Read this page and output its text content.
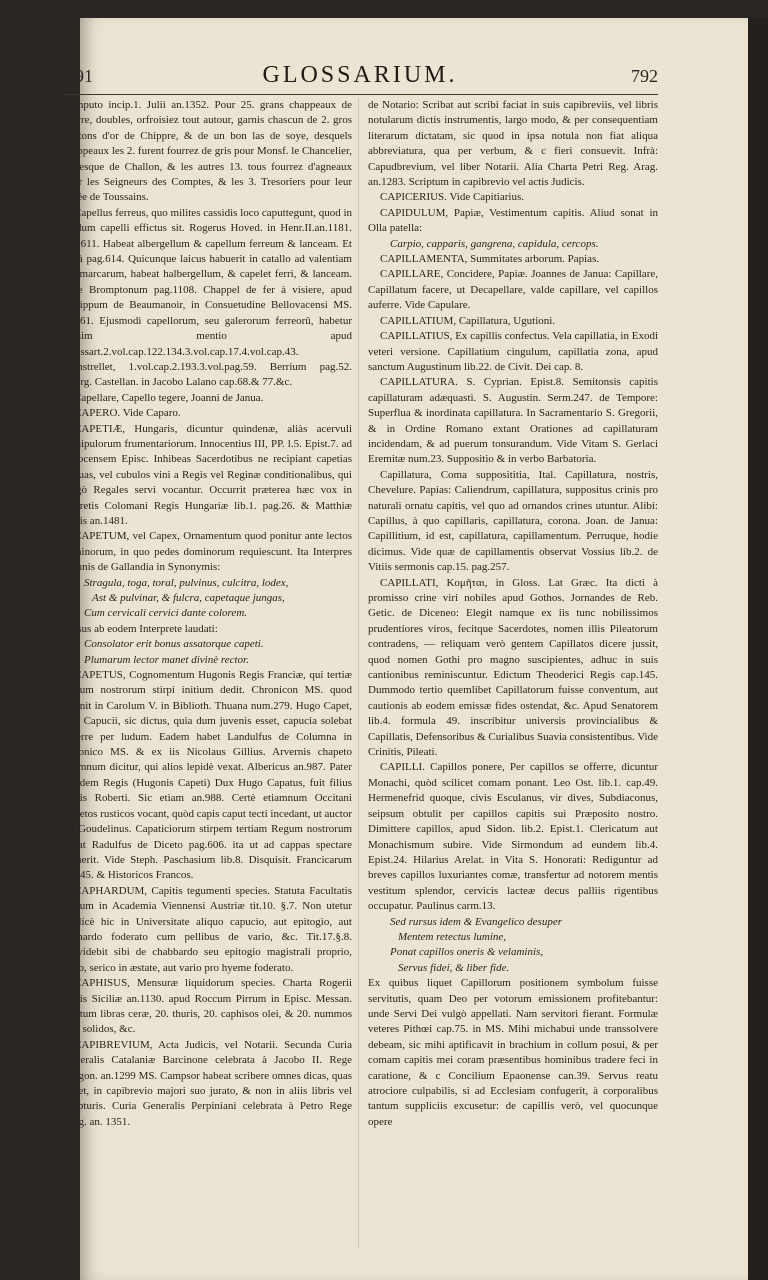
791	GLOSSARIUM.	792

Computo incip.1. Julii an.1352. Pour 25. grans chappeaux de bievre, doubles, orfroisiez tout autour, garnis chascun de 2. gros boutons d'or de Chippre, & de un bon las de soye, desquels chappeaux les 2. furent fourrez de gris pour Monsf. le Chancelier, l'Evesque de Challon, & les autres 13. tous fourrez d'agneaux pour les Seigneurs des Comptes, & les 3. Tresoriers pour leur livrée de Toussains.

Capellus ferreus, quo milites cassidis loco caputtegunt, quod in modum capelli effictus sit. Rogerus Hoved. in Henr.II.an.1181. pag.611. Habeat albergellum & capellum ferreum & lanceam. Et infrà pag.614. Quicunque laicus habuerit in catallo ad valentiam 10. marcarum, habeat halbergellum, & capelet ferri, & lanceam. Vide Bromptonum pag.1108. Chappel de fer à visiere, apud Philippum de Beaumanoir, in Consuetudine Bellovacensi MS. cap.61. Ejusmodi capellorum, seu galerorum ferreorū, habetur passim mentio apud Froissart.2.vol.cap.122.134.3.vol.cap.17.4.vol.cap.43. Monstrellet, 1.vol.cap.2.193.3.vol.pag.59. Berrium pag.52. Georg. Castellan. in Jacobo Lalano cap.68.& 77.&c.

Capellare, Capello tegere, Joanni de Janua.

CAPERO. Vide Caparo.

CAPETIÆ, Hungaris, dicuntur quindenæ, aliàs acervuli manipulorum frumentariorum. Innocentius III, PP. l.5. Epist.7. ad Colocensem Episc. Inhibeas Sacerdotibus ne recipiant capetias aliquas, vel cubulos vini a Regis vel Reginæ conditionalibus, qui vulgò Regales servi vocantur. Occurrit præterea hæc vox in Decretis Colomani Regis Hungariæ lib.1. pag.26. & Matthiæ Regis an.1481.

CAPETUM, vel Capex, Ornamentum quod ponitur ante lectos dominorum, in quo pedes dominorum requiescunt. Ita Interpres Joannis de Gallandia in Synonymis:

Stragula, toga, toral, pulvinus, culcitra, lodex,

Ast & pulvinar, & fulcra, capetaque jungas,

Cum cervicali cervici dante colorem.

Versus ab eodem Interprete laudati:

Consolator erit bonus assatorque capeti.

Plumarum lector manet divinè rector.

CAPETUS, Cognomentum Hugonis Regis Franciæ, qui tertiæ Regum nostrorum stirpi initium dedit. Chronicon MS. quod desinit in Carolum V. in Biblioth. Thuana num.279. Hugo Capet, sive Capucii, sic dictus, quia dum juvenis esset, capucia solebat auferre per ludum. Eadem habet Landulfus de Columna in Chronico MS. & ex iis Nicolaus Gillius. Arvernis chapeto etiamnum dicitur, qui alios lepidè vexat. Albericus an.987. Pater ejusdem Regis (Hugonis Capeti) Dux Hugo Capatus, fuit filius Regis Roberti. Sic etiam an.988. Certè etiamnum Occitani Capetos rusticos vocant, quòd capis caput tecti incedant, ut auctor est Goudelinus. Capaticiorum stirpem tertiam Regum nostrorum vocat Radulfus de Diceto pag.606. ita ut ad cappas spectare voluerit. Vide Steph. Paschasium lib.8. Disquisit. Francicarum cap.45. & Historicos Francos.

CAPHARDUM, Capitis tegumenti species. Statuta Facultatis Artium in Academia Viennensi Austriæ tit.10. §.7. Non utetur publicè hic in Universitate aliquo capucio, aut epitogio, aut caphardo foderato cum pellibus de vario, &c. Tit.17.§.8. Providebit sibi de chabbardo seu epitogio magistrali proprio, novo, serico in æstate, aut vario pro hyeme foderato.

CAPHISUS, Mensuræ liquidorum species. Charta Rogerii Regis Siciliæ an.1130. apud Roccum Pirrum in Episc. Messan. Centum libras ceræ, 20. thuris, 20. caphisos olei, & 20. nummos sive solidos, &c.

CAPIBREVIUM, Acta Judicis, vel Notarii. Secunda Curia Generalis Catalaniæ Barcinone celebrata à Jacobo II. Rege Aragon. an.1299 MS. Campsor habeat scribere omnes dicas, quas faciet, in capibrevio majori suo jurato, & non in aliis libris vel scripturis. Curia Generalis Perpiniani celebrata à Petro Rege Arag. an. 1351.

de Notario: Scribat aut scribi faciat in suis capibreviis, vel libris notularum dictis instrumentis, largo modo, & per consequentiam literarum dictatam, sic quod in ipsa notula non fiat aliqua abbreviatura, qua per verbum, & c fieri consuevit. Infrà: Capudbrevium, vel liber Notarii. Alia Charta Petri Reg. Arag. an.1283. Scriptum in capibrevio vel actis Judicis.

CAPICERIUS. Vide Capitiarius.

CAPIDULUM, Papiæ, Vestimentum capitis. Aliud sonat in Olla patella:

Carpio, capparis, gangrena, capidula, cercops.

CAPILLAMENTA, Summitates arborum. Papias.

CAPILLARE, Concidere, Papiæ. Joannes de Janua: Capillare, Capillatum facere, ut Decapellare, valde capillare, vel capillos auferre. Vide Capulare.

CAPILLATIUM, Capillatura, Ugutioni.

CAPILLATIUS, Ex capillis confectus. Vela capillatia, in Exodi veteri versione. Capillatium cingulum, capillatia zona, apud sanctum Augustinum lib.22. de Civit. Dei cap. 8.

CAPILLATURA. S. Cyprian. Epist.8. Semitonsis capitis capillaturam adæquasti. S. Augustin. Serm.247. de Tempore: Superflua & inordinata capillatura. In Sacramentario S. Gregorii, & in Ordine Romano extant Orationes ad capillaturam incidendam, & ad puerum tonsurandum. Vide Vitam S. Gerlaci Eremitæ num.23. Suppositio & in verbo Barbatoria.

Capillatura, Coma supposititia, Ital. Capillatura, nostris, Chevelure. Papias: Caliendrum, capillatura, suppositus crinis pro naturali ornatu capitis, vel quo ad ornandos crines utuntur. Alibi: Capillus, à quo capillaris, capillatura, corona. Joan. de Janua: Capillitium, id est, capillatura, capillamentum. Perruque, hodie dicimus. Vide quæ de capillamentis observat Vossius lib.2. de Vitiis sermonis cap.15. pag.257.

CAPILLATI, Κομῆται, in Gloss. Lat Græc. Ita dicti à promisso crine viri nobiles apud Gothos. Jornandes de Reb. Getic. de Diceneo: Elegit namque ex iis tunc nobilissimos prudentiores viros, fecitque Sacerdotes, nomen illis Pileatorum contradens, — reliquam verò gentem Capillatos dicere jussit, quod nomen Gothi pro magno suscipientes, adhuc in suis cantionibus reminiscuntur. Edictum Theoderici Regis cap.145. Dummodo tertio quemlibet Capillatorum fuisse conventum, aut cautionis ab eodem emissæ fides ostendat, &c. Apud Senatorem lib.4. formula 49. inscribitur universis provincialibus & Capillatis, Defensoribus & Curialibus Suavia consistentibus. Vide Crinitis, Pileati.

CAPILLI. Capillos ponere, Per capillos se offerre, dicuntur Monachi, quòd scilicet comam ponant. Leo Ost. lib.1. cap.49. Hermenefrid quoque, civis Esculanus, vir dives, Subdiaconus, seipsum obtulit per capillos capitis sui Præposito nostro. Dimittere capillos, apud Sidon. lib.2. Epist.1. Clericatum aut Monachismum subire. Vide Sirmondum ad eundem lib.4. Epist.24. Hilarius Arelat. in Vita S. Honorati: Rediguntur ad breves capillos luxuriantes comæ, transfertur ad notorem mentis vestitum splendor, cervicis lacteæ decus palliis rigentibus occupatur. Paulinus carm.13.

Sed rursus idem & Evangelico desuper

Mentem retectus lumine,

Ponat capillos oneris & velaminis,

Servus fidei, & liber fide.

Ex quibus liquet Capillorum positionem symbolum fuisse servitutis, quam Deo per votorum emissionem profitebantur: unde Servi Dei vulgò appellati. Nam servitori fierant. Formulæ veteres Pithœi cap.75. in MS. Mihi michabui unde transsolvere debeam, sic mihi aptificavit in brachium in collum posui, & per comam capitis mei coram præsentibus hominibus tradere feci in caratione, & c Concilium Epaonense can.39. Servus reatu atrociore culpabilis, si ad Ecclesiam confugerit, à corporalibus tantum suppliciis excusetur: de capillis verò, vel quocunque opere
